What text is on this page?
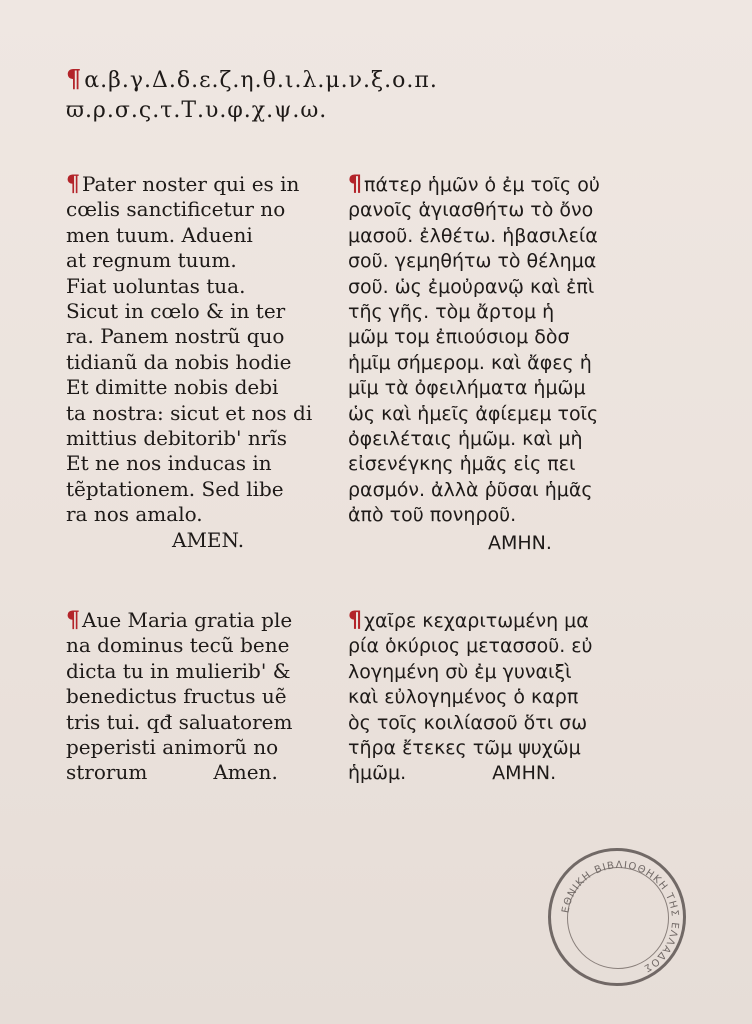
¶α.β.γ.Δ.δ.ε.ζ.η.θ.ι.λ.μ.ν.ξ.ο.π.
ϖ.ρ.σ.ς.τ.Τ.υ.φ.χ.ψ.ω.
¶ Pater noster qui es in
cœlis sanctificetur no
men tuum. Adueni
at regnum tuum.
Fiat uoluntas tua.
Sicut in cœlo & in ter
ra. Panem nostrũ quo
tidianũ da nobis hodie
Et dimitte nobis debi
ta nostra: sicut et nos di
mittius debitorib' nrĩs
Et ne nos inducas in
tẽptationem. Sed libe
ra nos amalo.
AMEN.
¶ πάτερ ἡμῶν ὁ ἐμ τοῖς οὐ
ρανοῖς ἁγιασθήτω τὸ ὄνο
μασοῦ. ἐλθέτω. ἡβασιλεία
σοῦ. γεμηθήτω τὸ θέλημα
σοῦ. ὡς ἐμοὐρανῷ καὶ ἐπὶ
τῆς γῆς. τὸμ ἄρτομ ἡ
μῶμ τομ ἐπιούσιομ δὸσ
ἡμῖμ σήμερομ. καὶ ἄφες ἡ
μῖμ τὰ ὀφειλήματα ἡμῶμ
ὡς καὶ ἡμεῖς ἀφίεμεμ τοῖς
ὀφειλέταις ἡμῶμ. καὶ μὴ
εἰσενέγκης ἡμᾶς εἰς πει
ρασμόν. ἀλλὰ ῥῦσαι ἡμᾶς
ἀπὸ τοῦ πονηροῦ.
ΑΜΗΝ.
¶ Aue Maria gratia ple
na dominus tecũ bene
dicta tu in mulierib' &
benedictus fructus uẽ
tris tui. qđ saluatorem
peperisti animorũ no
strorum	Amen.
¶ χαῖρε κεχαριτωμένη μα
ρία ὁκύριος μετασσοῦ. εὐ
λογημένη σὺ ἐμ γυναιξὶ
καὶ εὐλογημένος ὁ καρπ
ὸς τοῖς κοιλίασοῦ ὅτι σω
τῆρα ἔτεκες τῶμ ψυχῶμ
ἡμῶμ.	ΑΜΗΝ.
ΕΘΝΙΚΗ ΒΙΒΛΙΟΘΗΚΗ ΤΗΣ ΕΛΛΑΔΟΣ
